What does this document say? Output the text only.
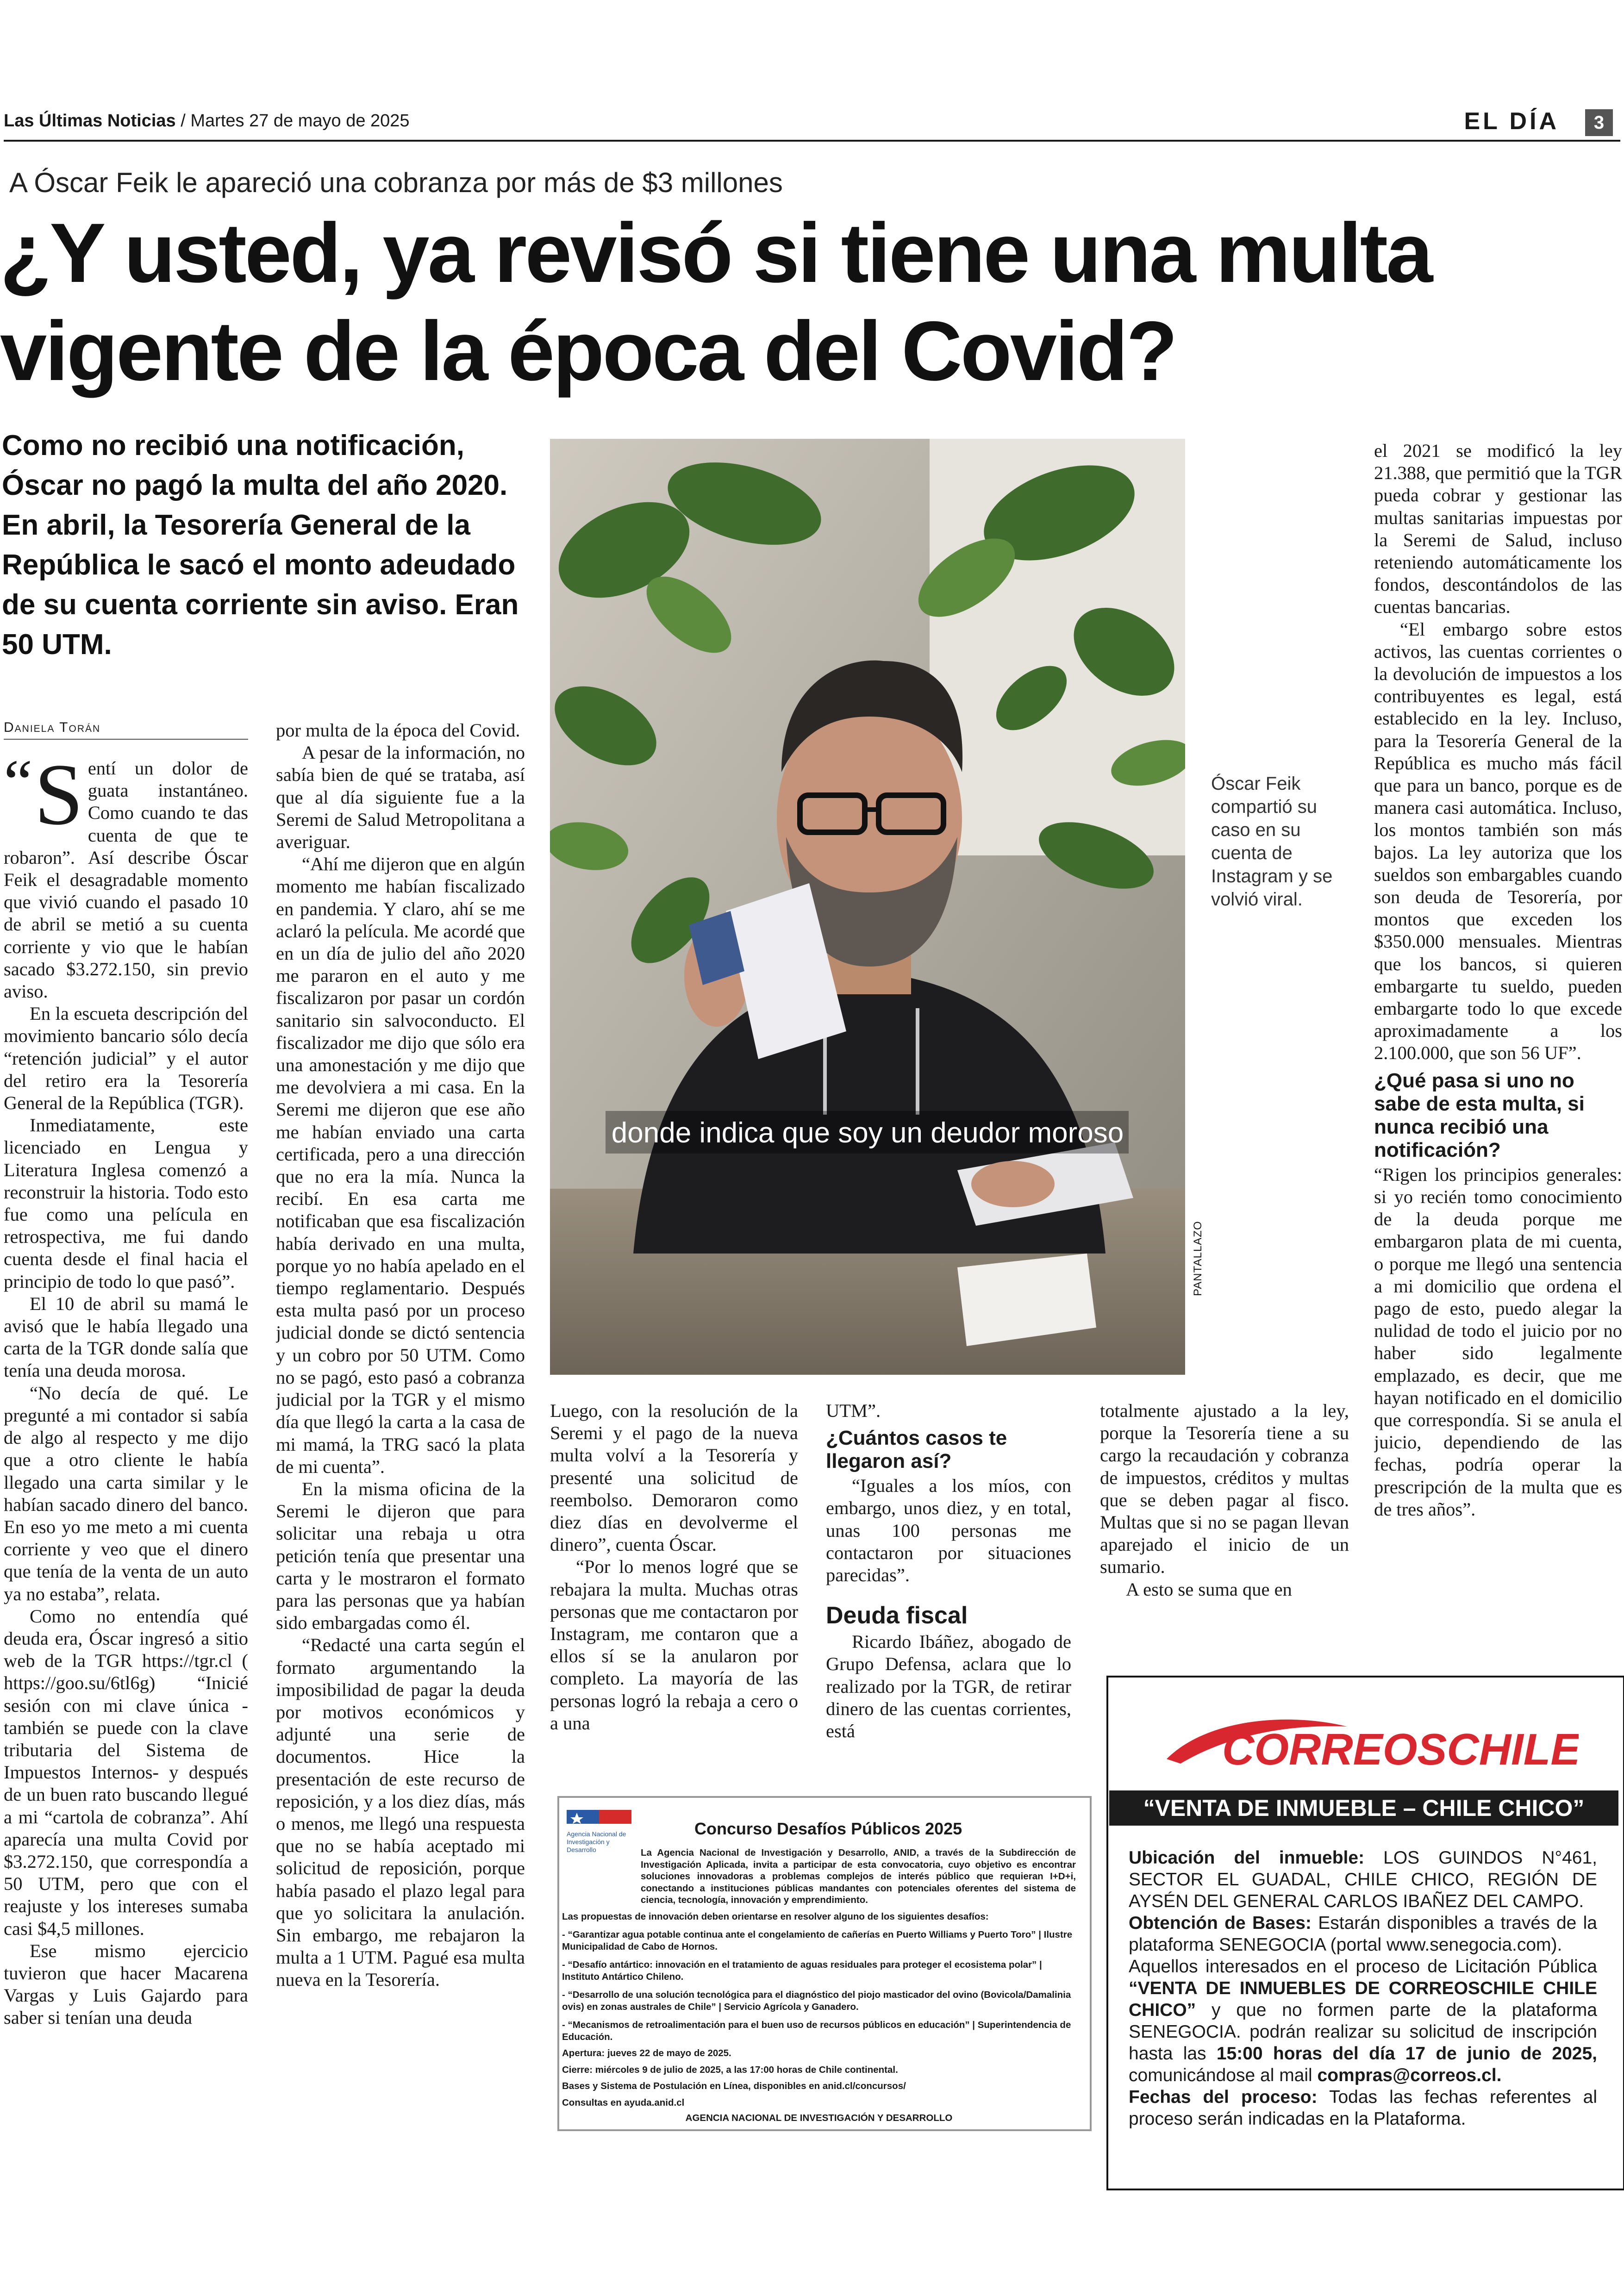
Las Últimas Noticias / Martes 27 de mayo de 2025	EL DÍA	3
A Óscar Feik le apareció una cobranza por más de $3 millones
¿Y usted, ya revisó si tiene una multa vigente de la época del Covid?
Como no recibió una notificación, Óscar no pagó la multa del año 2020. En abril, la Tesorería General de la República le sacó el monto adeudado de su cuenta corriente sin aviso. Eran 50 UTM.
Daniela Torán

“ S entí un dolor de guata instantáneo. Como cuando te das cuenta de que te robaron”. Así describe Óscar Feik el desagradable momento que vivió cuando el pasado 10 de abril se metió a su cuenta corriente y vio que le habían sacado $3.272.150, sin previo aviso.

En la escueta descripción del movimiento bancario sólo decía “retención judicial” y el autor del retiro era la Tesorería General de la República (TGR).

Inmediatamente, este licenciado en Lengua y Literatura Inglesa comenzó a reconstruir la historia. Todo esto fue como una película en retrospectiva, me fui dando cuenta desde el final hacia el principio de todo lo que pasó”.

El 10 de abril su mamá le avisó que le había llegado una carta de la TGR donde salía que tenía una deuda morosa.

“No decía de qué. Le pregunté a mi contador si sabía de algo al respecto y me dijo que a otro cliente le había llegado una carta similar y le habían sacado dinero del banco. En eso yo me meto a mi cuenta corriente y veo que el dinero que tenía de la venta de un auto ya no estaba”, relata.

Como no entendía qué deuda era, Óscar ingresó a sitio web de la TGR https://tgr.cl ( https://goo.su/6tl6g) “Inicié sesión con mi clave única -también se puede con la clave tributaria del Sistema de Impuestos Internos- y después de un buen rato buscando llegué a mi “cartola de cobranza”. Ahí aparecía una multa Covid por $3.272.150, que correspondía a 50 UTM, pero que con el reajuste y los intereses sumaba casi $4,5 millones.

Ese mismo ejercicio tuvieron que hacer Macarena Vargas y Luis Gajardo para saber si tenían una deuda

por multa de la época del Covid.

A pesar de la información, no sabía bien de qué se trataba, así que al día siguiente fue a la Seremi de Salud Metropolitana a averiguar.

“Ahí me dijeron que en algún momento me habían fiscalizado en pandemia. Y claro, ahí se me aclaró la película. Me acordé que en un día de julio del año 2020 me pararon en el auto y me fiscalizaron por pasar un cordón sanitario sin salvoconducto. El fiscalizador me dijo que sólo era una amonestación y me dijo que me devolviera a mi casa. En la Seremi me dijeron que ese año me habían enviado una carta certificada, pero a una dirección que no era la mía. Nunca la recibí. En esa carta me notificaban que esa fiscalización había derivado en una multa, porque yo no había apelado en el tiempo reglamentario. Después esta multa pasó por un proceso judicial donde se dictó sentencia y un cobro por 50 UTM. Como no se pagó, esto pasó a cobranza judicial por la TGR y el mismo día que llegó la carta a la casa de mi mamá, la TRG sacó la plata de mi cuenta”.

En la misma oficina de la Seremi le dijeron que para solicitar una rebaja u otra petición tenía que presentar una carta y le mostraron el formato para las personas que ya habían sido embargadas como él.

“Redacté una carta según el formato argumentando la imposibilidad de pagar la deuda por motivos económicos y adjunté una serie de documentos. Hice la presentación de este recurso de reposición, y a los diez días, más o menos, me llegó una respuesta que no se había aceptado mi solicitud de reposición, porque había pasado el plazo legal para que yo solicitara la anulación. Sin embargo, me rebajaron la multa a 1 UTM. Pagué esa multa nueva en la Tesorería.

donde indica que soy un deudor moroso
PANTALLAZO
Óscar Feik compartió su caso en su cuenta de Instagram y se volvió viral.

Luego, con la resolución de la Seremi y el pago de la nueva multa volví a la Tesorería y presenté una solicitud de reembolso. Demoraron como diez días en devolverme el dinero”, cuenta Óscar.

“Por lo menos logré que se rebajara la multa. Muchas otras personas que me contactaron por Instagram, me contaron que a ellos sí se la anularon por completo. La mayoría de las personas logró la rebaja a cero o a una

UTM”.

¿Cuántos casos te llegaron así?

“Iguales a los míos, con embargo, unos diez, y en total, unas 100 personas me contactaron por situaciones parecidas”.

Deuda fiscal

Ricardo Ibáñez, abogado de Grupo Defensa, aclara que lo realizado por la TGR, de retirar dinero de las cuentas corrientes, está

totalmente ajustado a la ley, porque la Tesorería tiene a su cargo la recaudación y cobranza de impuestos, créditos y multas que se deben pagar al fisco. Multas que si no se pagan llevan aparejado el inicio de un sumario.

A esto se suma que en

el 2021 se modificó la ley 21.388, que permitió que la TGR pueda cobrar y gestionar las multas sanitarias impuestas por la Seremi de Salud, incluso reteniendo automáticamente los fondos, descontándolos de las cuentas bancarias.

“El embargo sobre estos activos, las cuentas corrientes o la devolución de impuestos a los contribuyentes es legal, está establecido en la ley. Incluso, para la Tesorería General de la República es mucho más fácil que para un banco, porque es de manera casi automática. Incluso, los montos también son más bajos. La ley autoriza que los sueldos son embargables cuando son deuda de Tesorería, por montos que exceden los $350.000 mensuales. Mientras que los bancos, si quieren embargarte tu sueldo, pueden embargarte todo lo que excede aproximadamente a los 2.100.000, que son 56 UF”.

¿Qué pasa si uno no sabe de esta multa, si nunca recibió una notificación?

“Rigen los principios generales: si yo recién tomo conocimiento de la deuda porque me embargaron plata de mi cuenta, o porque me llegó una sentencia a mi domicilio que ordena el pago de esto, puedo alegar la nulidad de todo el juicio por no haber sido legalmente emplazado, es decir, que me hayan notificado en el domicilio que correspondía. Si se anula el juicio, dependiendo de las fechas, podría operar la prescripción de la multa que es de tres años”.

Agencia Nacional de Investigación y Desarrollo
Concurso Desafíos Públicos 2025
La Agencia Nacional de Investigación y Desarrollo, ANID, a través de la Subdirección de Investigación Aplicada, invita a participar de esta convocatoria, cuyo objetivo es encontrar soluciones innovadoras a problemas complejos de interés público que requieran I+D+i, conectando a instituciones públicas mandantes con potenciales oferentes del sistema de ciencia, tecnología, innovación y emprendimiento.
Las propuestas de innovación deben orientarse en resolver alguno de los siguientes desafíos:
- “Garantizar agua potable continua ante el congelamiento de cañerías en Puerto Williams y Puerto Toro” | Ilustre Municipalidad de Cabo de Hornos.
- “Desafío antártico: innovación en el tratamiento de aguas residuales para proteger el ecosistema polar” | Instituto Antártico Chileno.
- “Desarrollo de una solución tecnológica para el diagnóstico del piojo masticador del ovino (Bovicola/Damalinia ovis) en zonas australes de Chile” | Servicio Agrícola y Ganadero.
- “Mecanismos de retroalimentación para el buen uso de recursos públicos en educación” | Superintendencia de Educación.
Apertura: jueves 22 de mayo de 2025.
Cierre: miércoles 9 de julio de 2025, a las 17:00 horas de Chile continental.
Bases y Sistema de Postulación en Línea, disponibles en anid.cl/concursos/
Consultas en ayuda.anid.cl
AGENCIA NACIONAL DE INVESTIGACIÓN Y DESARROLLO
CORREOSCHILE
“VENTA DE INMUEBLE – CHILE CHICO”

Ubicación del inmueble: LOS GUINDOS N°461, SECTOR EL GUADAL, CHILE CHICO, REGIÓN DE AYSÉN DEL GENERAL CARLOS IBAÑEZ DEL CAMPO.

Obtención de Bases: Estarán disponibles a través de la plataforma SENEGOCIA (portal www.senegocia.com).

Aquellos interesados en el proceso de Licitación Pública “VENTA DE INMUEBLES DE CORREOSCHILE CHILE CHICO” y que no formen parte de la plataforma SENEGOCIA. podrán realizar su solicitud de inscripción hasta las 15:00 horas del día 17 de junio de 2025, comunicándose al mail compras@correos.cl.

Fechas del proceso: Todas las fechas referentes al proceso serán indicadas en la Plataforma.
